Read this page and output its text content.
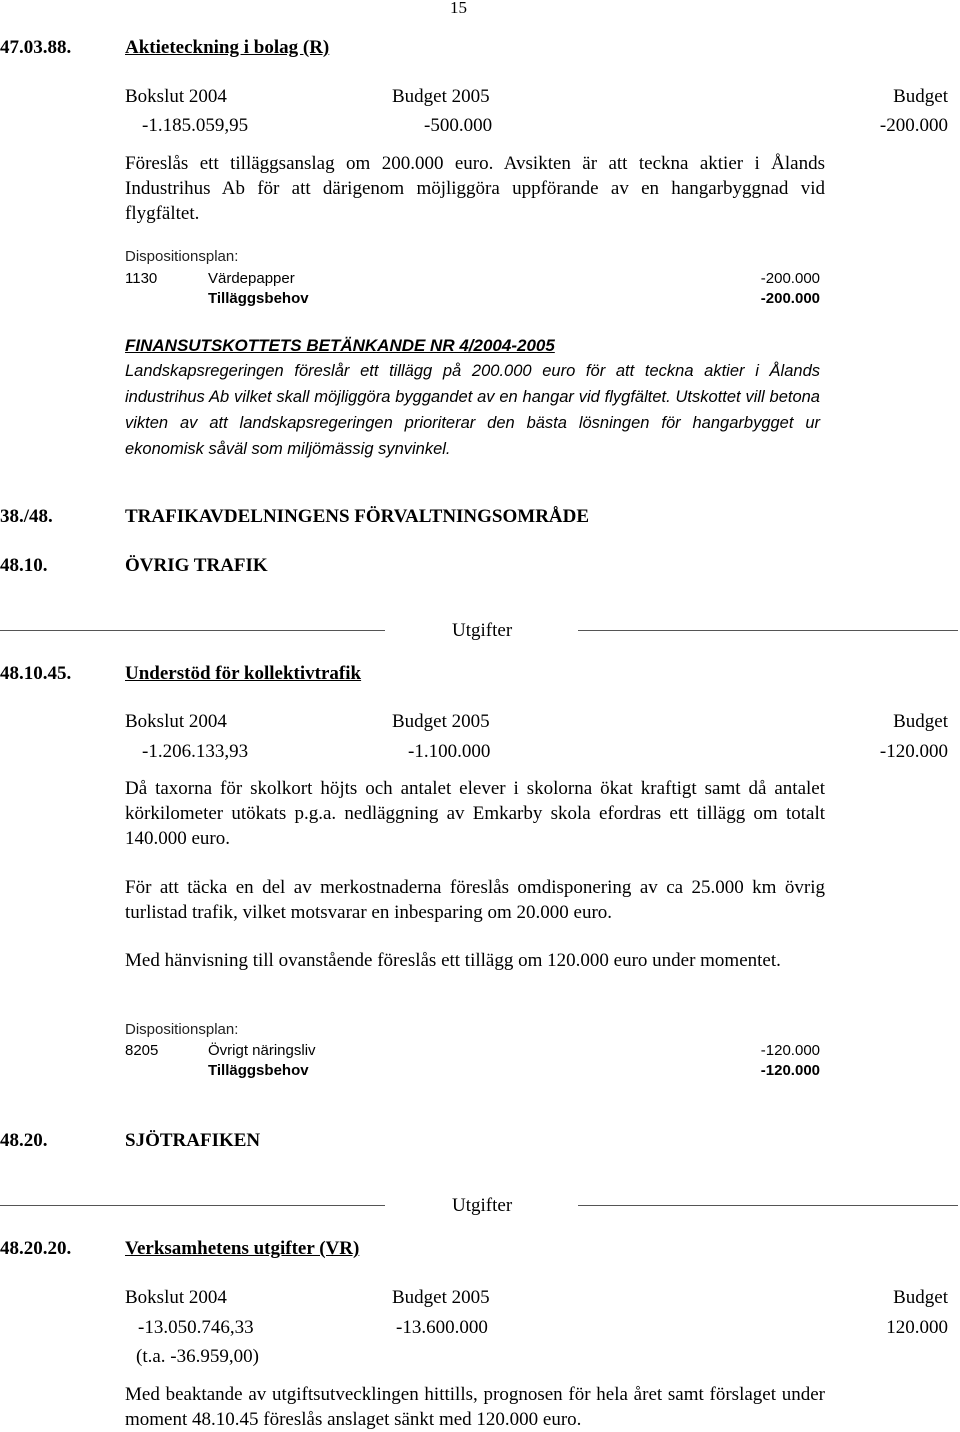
15
47.03.88.	Aktieteckning i bolag (R)
Bokslut 2004	Budget 2005	Budget
-1.185.059,95	-500.000	-200.000

Föreslås ett tilläggsanslag om 200.000 euro. Avsikten är att teckna aktier i Ålands Industrihus Ab för att därigenom möjliggöra uppförande av en hangarbyggnad vid flygfältet.

Dispositionsplan:
1130	Värdepapper	-200.000
Tilläggsbehov	-200.000
FINANSUTSKOTTETS BETÄNKANDE NR 4/2004-2005

Landskapsregeringen föreslår ett tillägg på 200.000 euro för att teckna aktier i Ålands industrihus Ab vilket skall möjliggöra byggandet av en hangar vid flygfältet. Utskottet vill betona vikten av att landskapsregeringen prioriterar den bästa lösningen för hangarbygget ur ekonomisk såväl som miljömässig synvinkel.

38./48.	TRAFIKAVDELNINGENS FÖRVALTNINGSOMRÅDE
48.10.	ÖVRIG TRAFIK
Utgifter
48.10.45.	Understöd för kollektivtrafik
Bokslut 2004	Budget 2005	Budget
-1.206.133,93	-1.100.000	-120.000

Då taxorna för skolkort höjts och antalet elever i skolorna ökat kraftigt samt då antalet körkilometer utökats p.g.a. nedläggning av Emkarby skola efordras ett tillägg om totalt 140.000 euro.

För att täcka en del av merkostnaderna föreslås omdisponering av ca 25.000 km övrig turlistad trafik, vilket motsvarar en inbesparing om 20.000 euro.

Med hänvisning till ovanstående föreslås ett tillägg om 120.000 euro under momentet.

Dispositionsplan:
8205	Övrigt näringsliv	-120.000
Tilläggsbehov	-120.000
48.20.	SJÖTRAFIKEN
Utgifter
48.20.20.	Verksamhetens utgifter (VR)
Bokslut 2004	Budget 2005	Budget
-13.050.746,33	-13.600.000	120.000
(t.a. -36.959,00)

Med beaktande av utgiftsutvecklingen hittills, prognosen för hela året samt förslaget under moment 48.10.45 föreslås anslaget sänkt med 120.000 euro.
